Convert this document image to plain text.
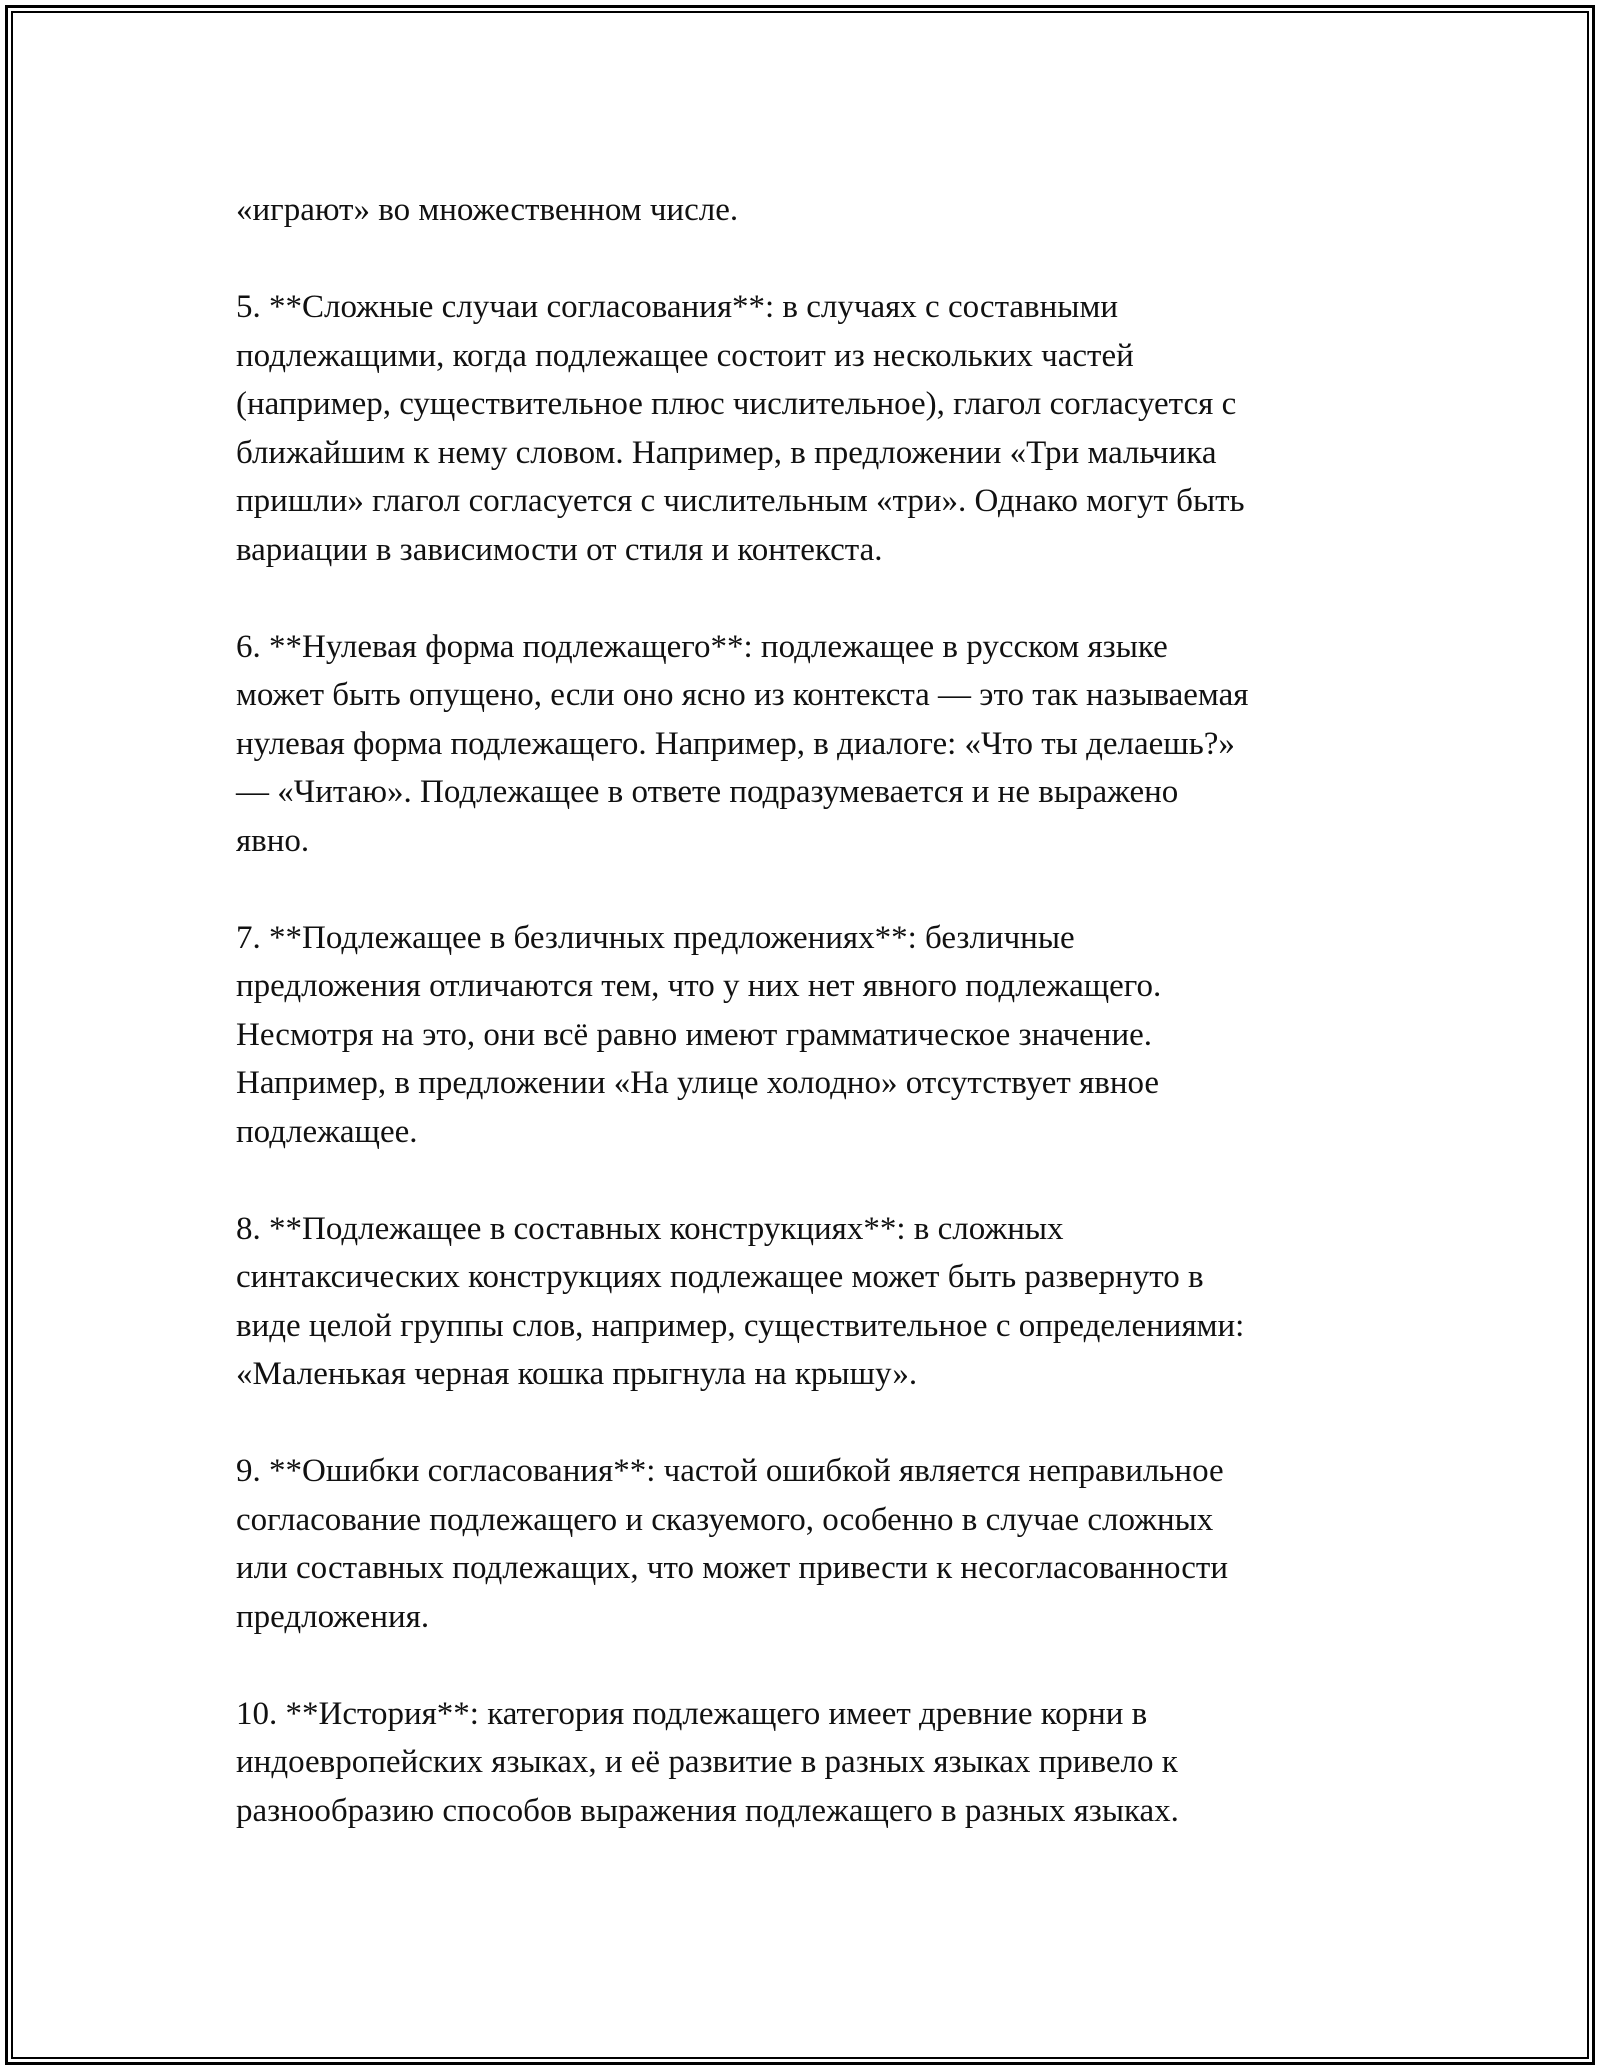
«играют» во множественном числе.

5. **Сложные случаи согласования**: в случаях с составными
подлежащими, когда подлежащее состоит из нескольких частей
(например, существительное плюс числительное), глагол согласуется с
ближайшим к нему словом. Например, в предложении «Три мальчика
пришли» глагол согласуется с числительным «три». Однако могут быть
вариации в зависимости от стиля и контекста.

6. **Нулевая форма подлежащего**: подлежащее в русском языке
может быть опущено, если оно ясно из контекста — это так называемая
нулевая форма подлежащего. Например, в диалоге: «Что ты делаешь?»
— «Читаю». Подлежащее в ответе подразумевается и не выражено
явно.

7. **Подлежащее в безличных предложениях**: безличные
предложения отличаются тем, что у них нет явного подлежащего.
Несмотря на это, они всё равно имеют грамматическое значение.
Например, в предложении «На улице холодно» отсутствует явное
подлежащее.

8. **Подлежащее в составных конструкциях**: в сложных
синтаксических конструкциях подлежащее может быть развернуто в
виде целой группы слов, например, существительное с определениями:
«Маленькая черная кошка прыгнула на крышу».

9. **Ошибки согласования**: частой ошибкой является неправильное
согласование подлежащего и сказуемого, особенно в случае сложных
или составных подлежащих, что может привести к несогласованности
предложения.

10. **История**: категория подлежащего имеет древние корни в
индоевропейских языках, и её развитие в разных языках привело к
разнообразию способов выражения подлежащего в разных языках.
